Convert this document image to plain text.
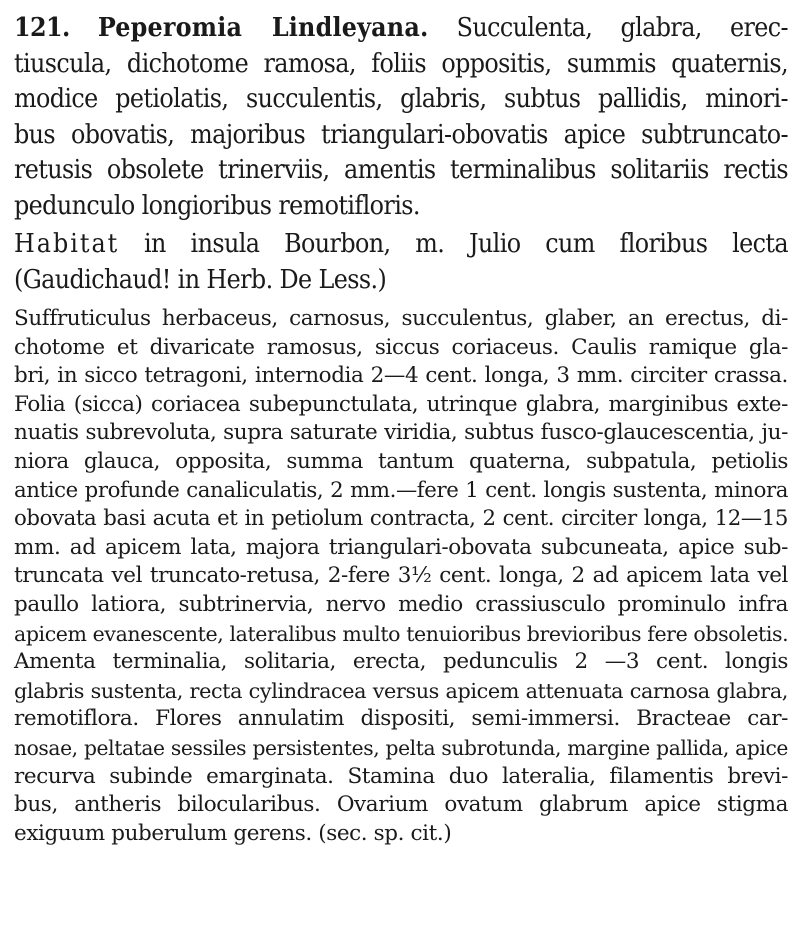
121. Peperomia Lindleyana. Succulenta, glabra, erec-
tiuscula, dichotome ramosa, foliis oppositis, summis quaternis,
modice petiolatis, succulentis, glabris, subtus pallidis, minori-
bus obovatis, majoribus triangulari-obovatis apice subtruncato-
retusis obsolete trinerviis, amentis terminalibus solitariis rectis
pedunculo longioribus remotifloris.
Habitat in insula Bourbon, m. Julio cum floribus lecta
(Gaudichaud! in Herb. De Less.)
Suffruticulus herbaceus, carnosus, succulentus, glaber, an erectus, di-
chotome et divaricate ramosus, siccus coriaceus. Caulis ramique gla-
bri, in sicco tetragoni, internodia 2—4 cent. longa, 3 mm. circiter crassa.
Folia (sicca) coriacea subepunctulata, utrinque glabra, marginibus exte-
nuatis subrevoluta, supra saturate viridia, subtus fusco-glaucescentia, ju-
niora glauca, opposita, summa tantum quaterna, subpatula, petiolis
antice profunde canaliculatis, 2 mm.—fere 1 cent. longis sustenta, minora
obovata basi acuta et in petiolum contracta, 2 cent. circiter longa, 12—15
mm. ad apicem lata, majora triangulari-obovata subcuneata, apice sub-
truncata vel truncato-retusa, 2-fere 3½ cent. longa, 2 ad apicem lata vel
paullo latiora, subtrinervia, nervo medio crassiusculo prominulo infra
apicem evanescente, lateralibus multo tenuioribus brevioribus fere obsoletis.
Amenta terminalia, solitaria, erecta, pedunculis 2 —3 cent. longis
glabris sustenta, recta cylindracea versus apicem attenuata carnosa glabra,
remotiflora. Flores annulatim dispositi, semi-immersi. Bracteae car-
nosae, peltatae sessiles persistentes, pelta subrotunda, margine pallida, apice
recurva subinde emarginata. Stamina duo lateralia, filamentis brevi-
bus, antheris bilocularibus. Ovarium ovatum glabrum apice stigma
exiguum puberulum gerens. (sec. sp. cit.)
